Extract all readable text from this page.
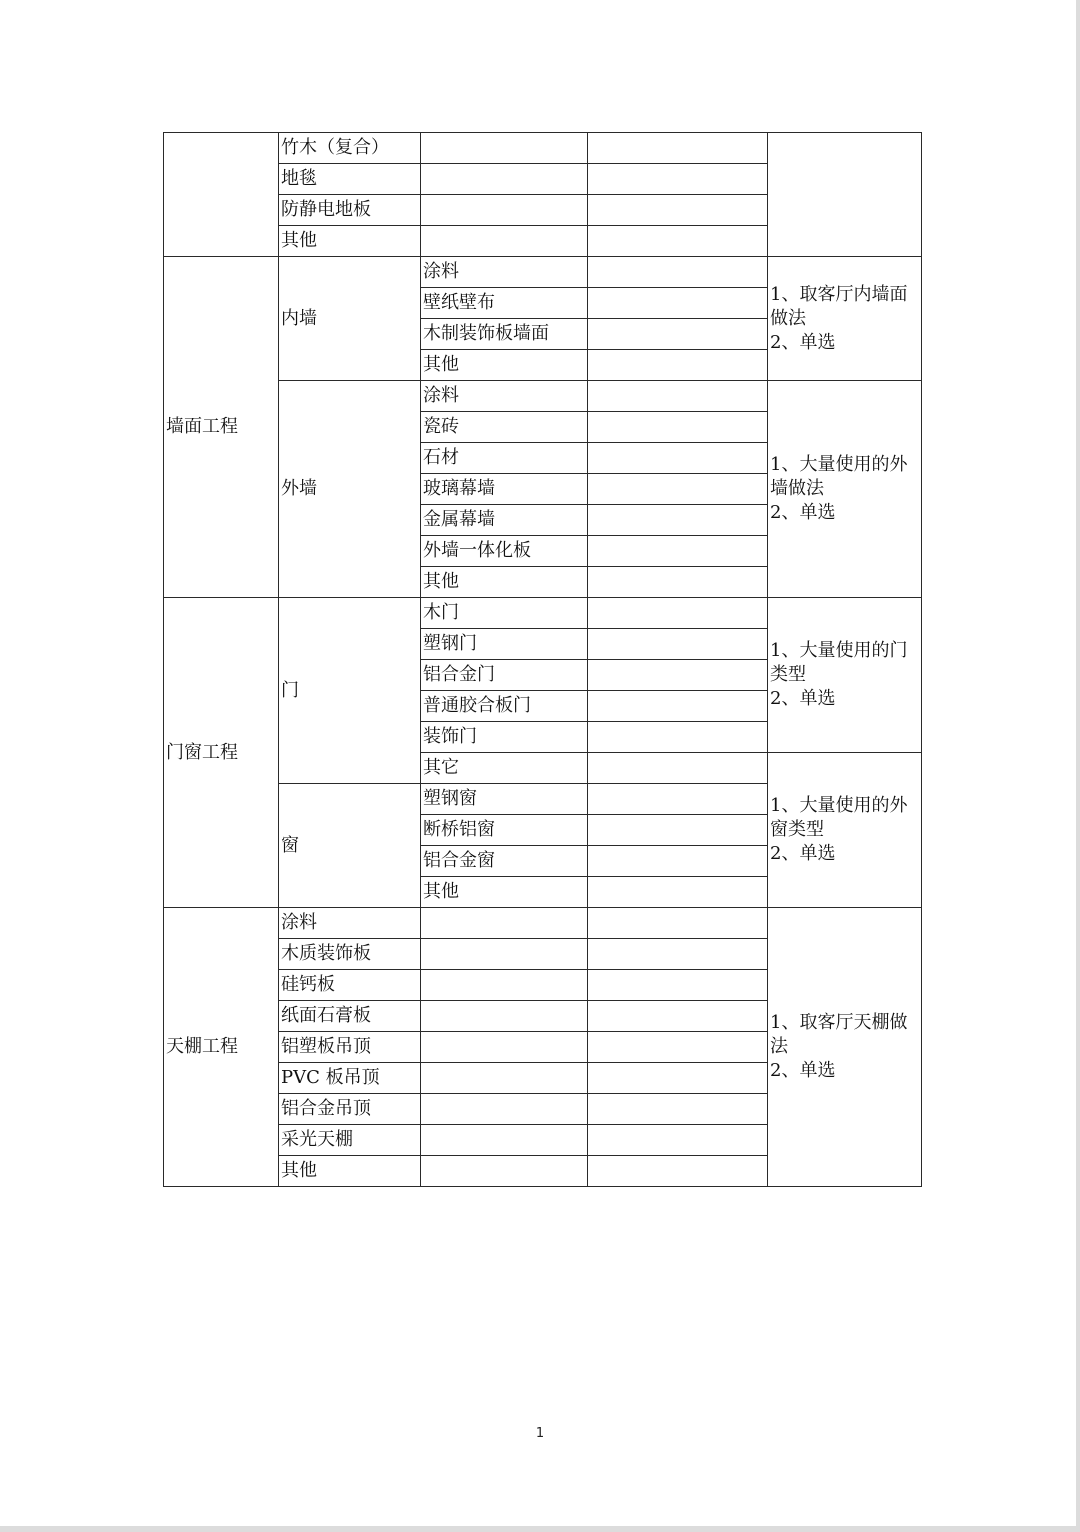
	竹木（复合）			
	地毯			
	防静电地板			
	其他			
墙面工程	内墙	涂料		1、取客厅内墙面
做法
2、单选

		壁纸壁布		
		木制装饰板墙面		
		其他		
	外墙	涂料		1、大量使用的外
墙做法
2、单选

		瓷砖		
		石材		
		玻璃幕墙		
		金属幕墙		
		外墙一体化板		
		其他		
门窗工程	门	木门		1、大量使用的门
类型
2、单选

		塑钢门		
		铝合金门		
		普通胶合板门		
		装饰门		
		其它		1、大量使用的外
窗类型
2、单选

	窗	塑钢窗		
		断桥铝窗		
		铝合金窗		
		其他		
天棚工程	涂料			1、取客厅天棚做
法
2、单选

	木质装饰板			
	硅钙板			
	纸面石膏板			
	铝塑板吊顶			
	PVC 板吊顶			
	铝合金吊顶			
	采光天棚			
	其他			
1
